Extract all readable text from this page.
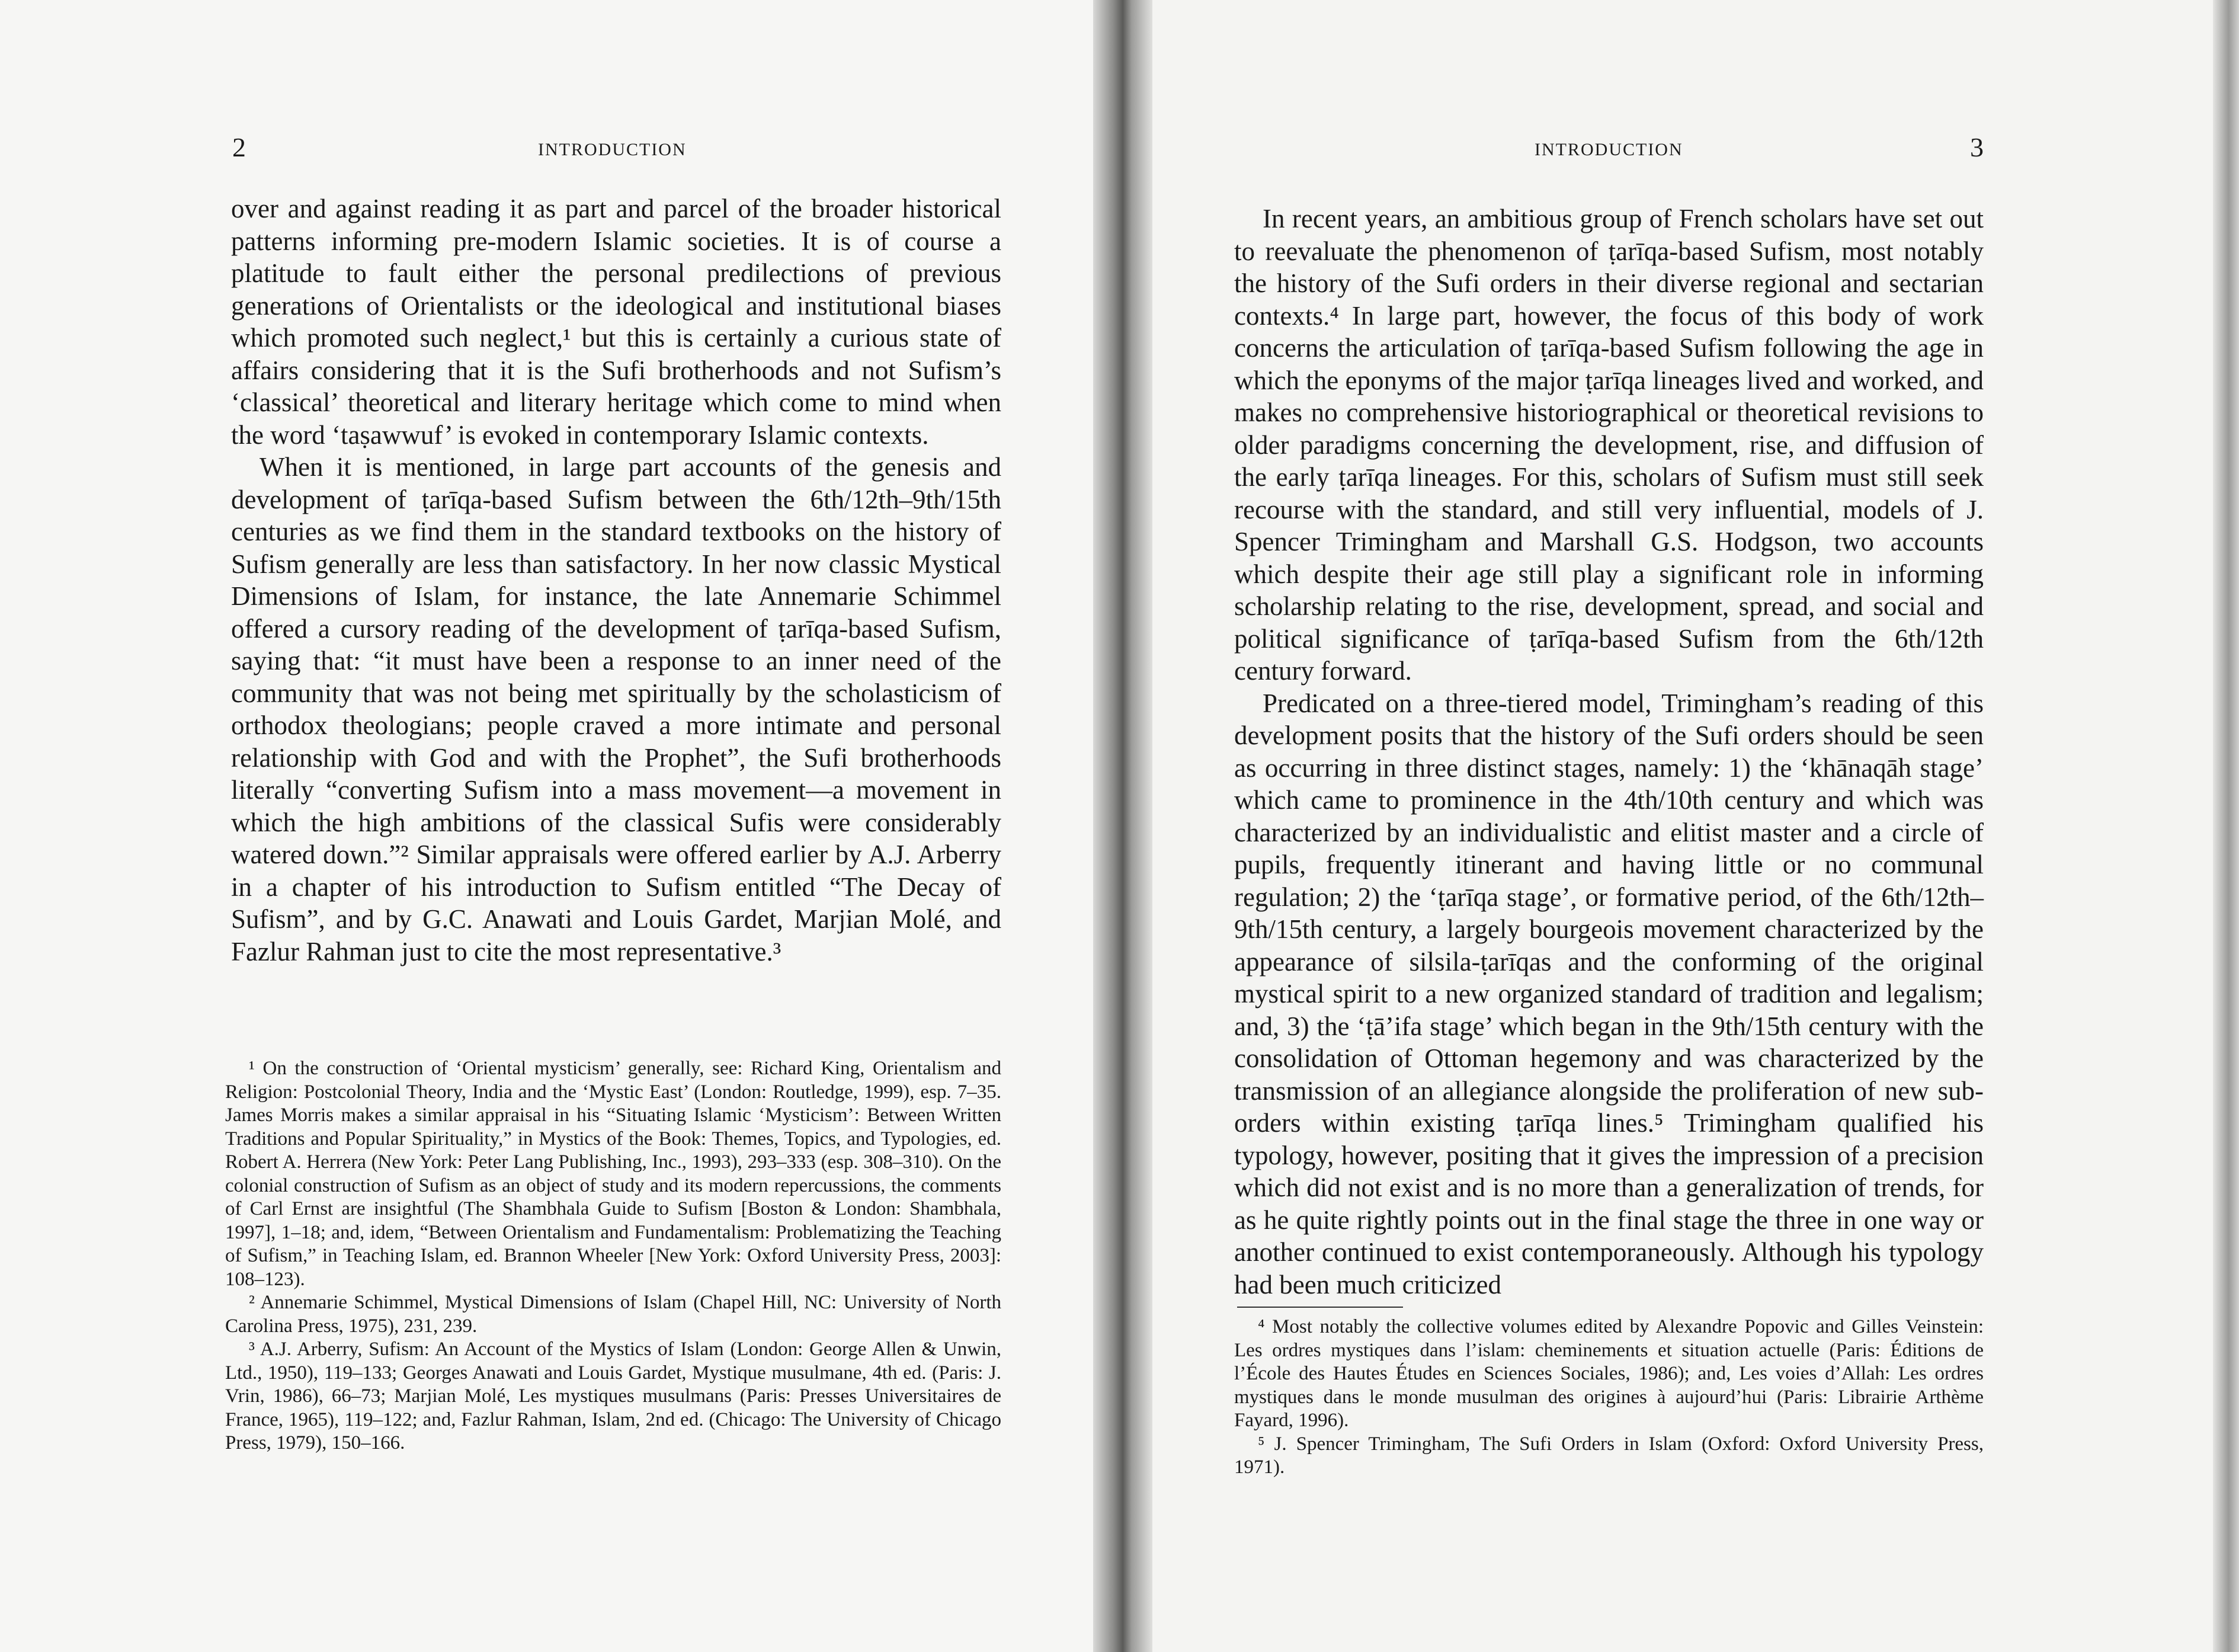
2	INTRODUCTION

over and against reading it as part and parcel of the broader historical patterns informing pre-modern Islamic societies. It is of course a platitude to fault either the personal predilections of previous generations of Orientalists or the ideological and institutional biases which promoted such neglect,¹ but this is certainly a curious state of affairs considering that it is the Sufi brotherhoods and not Sufism’s ‘classical’ theoretical and literary heritage which come to mind when the word ‘taṣawwuf’ is evoked in contemporary Islamic contexts.

When it is mentioned, in large part accounts of the genesis and development of ṭarīqa-based Sufism between the 6th/12th–9th/15th centuries as we find them in the standard textbooks on the history of Sufism generally are less than satisfactory. In her now classic Mystical Dimensions of Islam, for instance, the late Annemarie Schimmel offered a cursory reading of the development of ṭarīqa-based Sufism, saying that: “it must have been a response to an inner need of the community that was not being met spiritually by the scholasticism of orthodox theologians; people craved a more intimate and personal relationship with God and with the Prophet”, the Sufi brotherhoods literally “converting Sufism into a mass movement—a movement in which the high ambitions of the classical Sufis were considerably watered down.”² Similar appraisals were offered earlier by A.J. Arberry in a chapter of his introduction to Sufism entitled “The Decay of Sufism”, and by G.C. Anawati and Louis Gardet, Marjian Molé, and Fazlur Rahman just to cite the most representative.³

¹ On the construction of ‘Oriental mysticism’ generally, see: Richard King, Orientalism and Religion: Postcolonial Theory, India and the ‘Mystic East’ (London: Routledge, 1999), esp. 7–35. James Morris makes a similar appraisal in his “Situating Islamic ‘Mysticism’: Between Written Traditions and Popular Spirituality,” in Mystics of the Book: Themes, Topics, and Typologies, ed. Robert A. Herrera (New York: Peter Lang Publishing, Inc., 1993), 293–333 (esp. 308–310). On the colonial construction of Sufism as an object of study and its modern repercussions, the comments of Carl Ernst are insightful (The Shambhala Guide to Sufism [Boston & London: Shambhala, 1997], 1–18; and, idem, “Between Orientalism and Fundamentalism: Problematizing the Teaching of Sufism,” in Teaching Islam, ed. Brannon Wheeler [New York: Oxford University Press, 2003]: 108–123).

² Annemarie Schimmel, Mystical Dimensions of Islam (Chapel Hill, NC: University of North Carolina Press, 1975), 231, 239.

³ A.J. Arberry, Sufism: An Account of the Mystics of Islam (London: George Allen & Unwin, Ltd., 1950), 119–133; Georges Anawati and Louis Gardet, Mystique musulmane, 4th ed. (Paris: J. Vrin, 1986), 66–73; Marjian Molé, Les mystiques musulmans (Paris: Presses Universitaires de France, 1965), 119–122; and, Fazlur Rahman, Islam, 2nd ed. (Chicago: The University of Chicago Press, 1979), 150–166.

INTRODUCTION	3

In recent years, an ambitious group of French scholars have set out to reevaluate the phenomenon of ṭarīqa-based Sufism, most notably the history of the Sufi orders in their diverse regional and sectarian contexts.⁴ In large part, however, the focus of this body of work concerns the articulation of ṭarīqa-based Sufism following the age in which the eponyms of the major ṭarīqa lineages lived and worked, and makes no comprehensive historiographical or theoretical revisions to older paradigms concerning the development, rise, and diffusion of the early ṭarīqa lineages. For this, scholars of Sufism must still seek recourse with the standard, and still very influential, models of J. Spencer Trimingham and Marshall G.S. Hodgson, two accounts which despite their age still play a significant role in informing scholarship relating to the rise, development, spread, and social and political significance of ṭarīqa-based Sufism from the 6th/12th century forward.

Predicated on a three-tiered model, Trimingham’s reading of this development posits that the history of the Sufi orders should be seen as occurring in three distinct stages, namely: 1) the ‘khānaqāh stage’ which came to prominence in the 4th/10th century and which was characterized by an individualistic and elitist master and a circle of pupils, frequently itinerant and having little or no communal regulation; 2) the ‘ṭarīqa stage’, or formative period, of the 6th/12th–9th/15th century, a largely bourgeois movement characterized by the appearance of silsila-ṭarīqas and the conforming of the original mystical spirit to a new organized standard of tradition and legalism; and, 3) the ‘ṭā’ifa stage’ which began in the 9th/15th century with the consolidation of Ottoman hegemony and was characterized by the transmission of an allegiance alongside the proliferation of new sub-orders within existing ṭarīqa lines.⁵ Trimingham qualified his typology, however, positing that it gives the impression of a precision which did not exist and is no more than a generalization of trends, for as he quite rightly points out in the final stage the three in one way or another continued to exist contemporaneously. Although his typology had been much criticized

⁴ Most notably the collective volumes edited by Alexandre Popovic and Gilles Veinstein: Les ordres mystiques dans l’islam: cheminements et situation actuelle (Paris: Éditions de l’École des Hautes Études en Sciences Sociales, 1986); and, Les voies d’Allah: Les ordres mystiques dans le monde musulman des origines à aujourd’hui (Paris: Librairie Arthème Fayard, 1996).

⁵ J. Spencer Trimingham, The Sufi Orders in Islam (Oxford: Oxford University Press, 1971).
